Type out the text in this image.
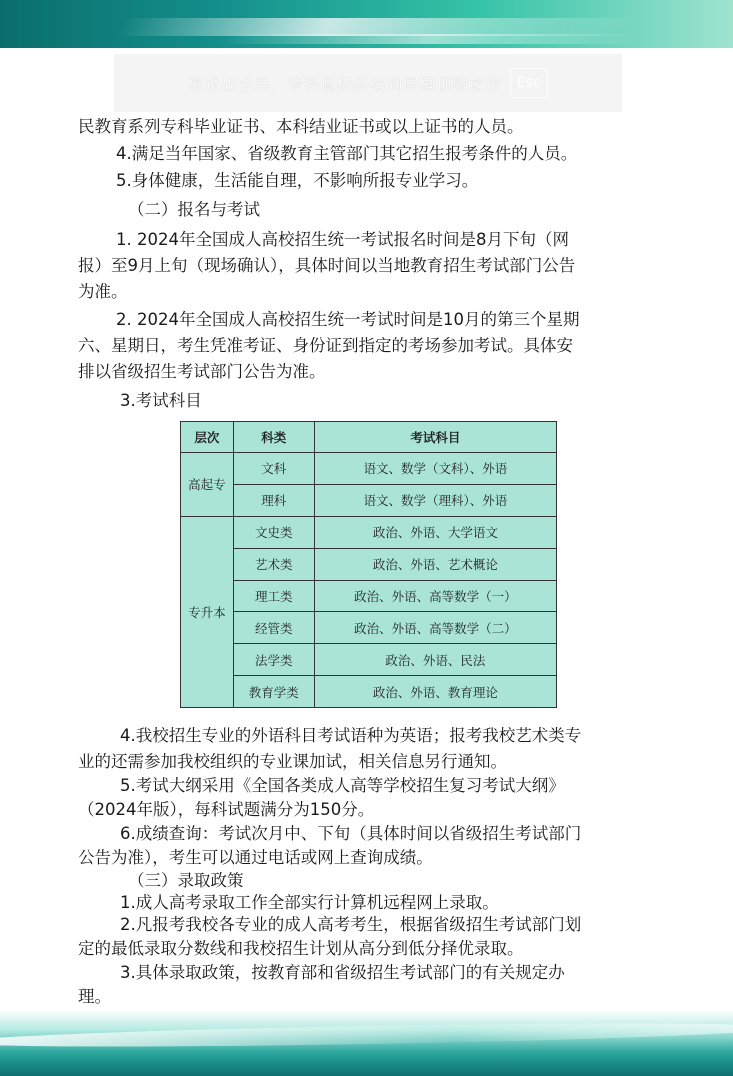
民教育系列专科毕业证书、本科结业证书或以上证书的人员。
4.满足当年国家、省级教育主管部门其它招生报考条件的人员。
5.身体健康，生活能自理，不影响所报专业学习。
（二）报名与考试
1. 2024年全国成人高校招生统一考试报名时间是8月下旬（网
报）至9月上旬（现场确认），具体时间以当地教育招生考试部门公告
为准。
2. 2024年全国成人高校招生统一考试时间是10月的第三个星期
六、星期日，考生凭准考证、身份证到指定的考场参加考试。具体安
排以省级招生考试部门公告为准。
3.考试科目
层次	科类	考试科目
高起专	文科	语文、数学（文科）、外语
	理科	语文、数学（理科）、外语
专升本	文史类	政治、外语、大学语文
	艺术类	政治、外语、艺术概论
	理工类	政治、外语、高等数学（一）
	经管类	政治、外语、高等数学（二）
	法学类	政治、外语、民法
	教育学类	政治、外语、教育理论
4.我校招生专业的外语科目考试语种为英语；报考我校艺术类专
业的还需参加我校组织的专业课加试，相关信息另行通知。
5.考试大纲采用《全国各类成人高等学校招生复习考试大纲》
（2024年版），每科试题满分为150分。
6.成绩查询：考试次月中、下旬（具体时间以省级招生考试部门
公告为准），考生可以通过电话或网上查询成绩。
（三）录取政策
1.成人高考录取工作全部实行计算机远程网上录取。
2.凡报考我校各专业的成人高考考生，根据省级招生考试部门划
定的最低录取分数线和我校招生计划从高分到低分择优录取。
3.具体录取政策，按教育部和省级招生考试部门的有关规定办
理。
要退出全屏，请将鼠标移动到屏幕顶端或按	Esc
